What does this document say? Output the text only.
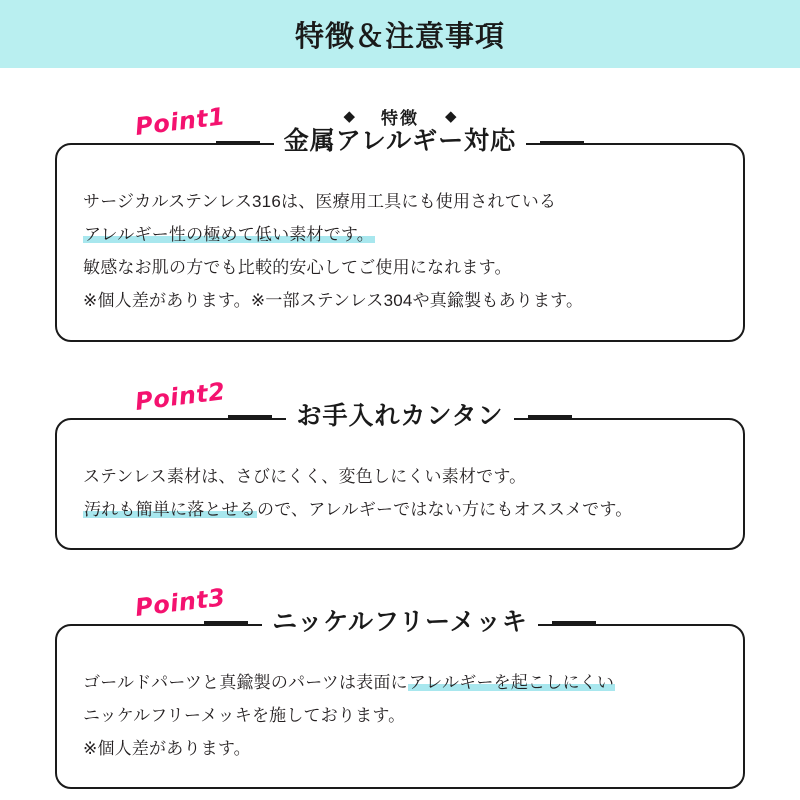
特徴＆注意事項
◆ 特徴 ◆
Point1	金属アレルギー対応
サージカルステンレス316は、医療用工具にも使用されている
アレルギー性の極めて低い素材です。
敏感なお肌の方でも比較的安心してご使用になれます。
※個人差があります。※一部ステンレス304や真鍮製もあります。
Point2	お手入れカンタン
ステンレス素材は、さびにくく、変色しにくい素材です。
汚れも簡単に落とせるので、アレルギーではない方にもオススメです。
Point3	ニッケルフリーメッキ
ゴールドパーツと真鍮製のパーツは表面にアレルギーを起こしにくい
ニッケルフリーメッキを施しております。
※個人差があります。
